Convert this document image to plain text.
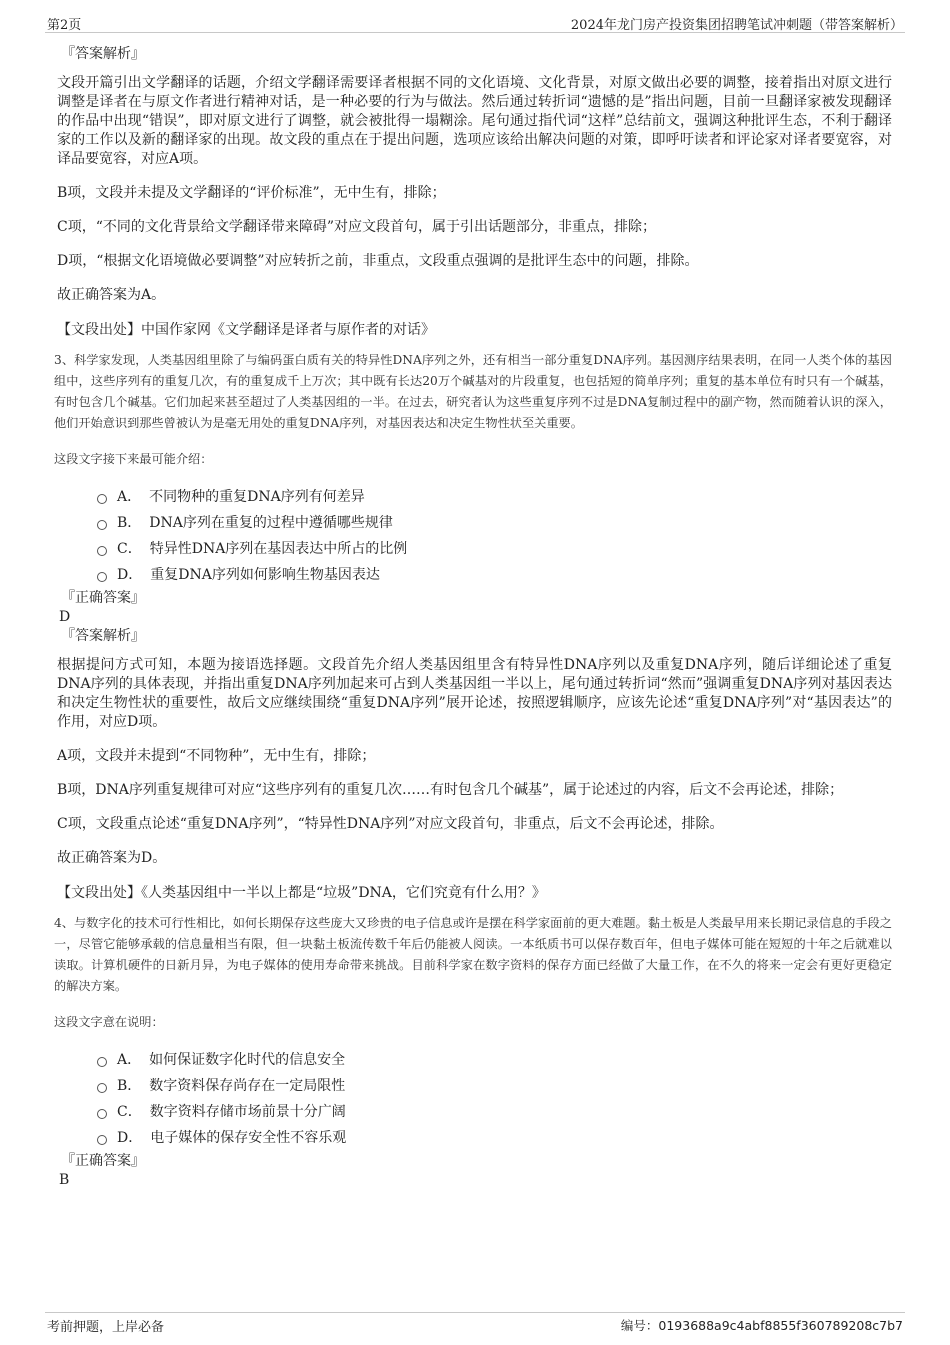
第2页	2024年龙门房产投资集团招聘笔试冲刺题（带答案解析）

『答案解析』

文段开篇引出文学翻译的话题，介绍文学翻译需要译者根据不同的文化语境、文化背景，对原文做出必要的调整，接着指出对原文进行调整是译者在与原文作者进行精神对话，是一种必要的行为与做法。然后通过转折词“遗憾的是”指出问题，目前一旦翻译家被发现翻译的作品中出现“错误”，即对原文进行了调整，就会被批得一塌糊涂。尾句通过指代词“这样”总结前文，强调这种批评生态，不利于翻译家的工作以及新的翻译家的出现。故文段的重点在于提出问题，选项应该给出解决问题的对策，即呼吁读者和评论家对译者要宽容，对译品要宽容，对应A项。

B项，文段并未提及文学翻译的“评价标准”，无中生有，排除；

C项，“不同的文化背景给文学翻译带来障碍”对应文段首句，属于引出话题部分，非重点，排除；

D项，“根据文化语境做必要调整”对应转折之前，非重点，文段重点强调的是批评生态中的问题，排除。

故正确答案为A。

【文段出处】中国作家网《文学翻译是译者与原作者的对话》

3、科学家发现，人类基因组里除了与编码蛋白质有关的特异性DNA序列之外，还有相当一部分重复DNA序列。基因测序结果表明，在同一人类个体的基因组中，这些序列有的重复几次，有的重复成千上万次；其中既有长达20万个碱基对的片段重复，也包括短的简单序列；重复的基本单位有时只有一个碱基，有时包含几个碱基。它们加起来甚至超过了人类基因组的一半。在过去，研究者认为这些重复序列不过是DNA复制过程中的副产物，然而随着认识的深入，他们开始意识到那些曾被认为是毫无用处的重复DNA序列，对基因表达和决定生物性状至关重要。

这段文字接下来最可能介绍：

A． 不同物种的重复DNA序列有何差异
B． DNA序列在重复的过程中遵循哪些规律
C． 特异性DNA序列在基因表达中所占的比例
D． 重复DNA序列如何影响生物基因表达

『正确答案』

D

『答案解析』

根据提问方式可知，本题为接语选择题。文段首先介绍人类基因组里含有特异性DNA序列以及重复DNA序列，随后详细论述了重复DNA序列的具体表现，并指出重复DNA序列加起来可占到人类基因组一半以上，尾句通过转折词“然而”强调重复DNA序列对基因表达和决定生物性状的重要性，故后文应继续围绕“重复DNA序列”展开论述，按照逻辑顺序，应该先论述“重复DNA序列”对“基因表达”的作用，对应D项。

A项，文段并未提到“不同物种”，无中生有，排除；

B项，DNA序列重复规律可对应“这些序列有的重复几次……有时包含几个碱基”，属于论述过的内容，后文不会再论述，排除；

C项，文段重点论述“重复DNA序列”，“特异性DNA序列”对应文段首句，非重点，后文不会再论述，排除。

故正确答案为D。

【文段出处】《人类基因组中一半以上都是“垃圾”DNA，它们究竟有什么用？》

4、与数字化的技术可行性相比，如何长期保存这些庞大又珍贵的电子信息或许是摆在科学家面前的更大难题。黏土板是人类最早用来长期记录信息的手段之一，尽管它能够承载的信息量相当有限，但一块黏土板流传数千年后仍能被人阅读。一本纸质书可以保存数百年，但电子媒体可能在短短的十年之后就难以读取。计算机硬件的日新月异，为电子媒体的使用寿命带来挑战。目前科学家在数字资料的保存方面已经做了大量工作，在不久的将来一定会有更好更稳定的解决方案。

这段文字意在说明：

A． 如何保证数字化时代的信息安全
B． 数字资料保存尚存在一定局限性
C． 数字资料存储市场前景十分广阔
D． 电子媒体的保存安全性不容乐观

『正确答案』

B

考前押题，上岸必备	编号：0193688a9c4abf8855f360789208c7b7
